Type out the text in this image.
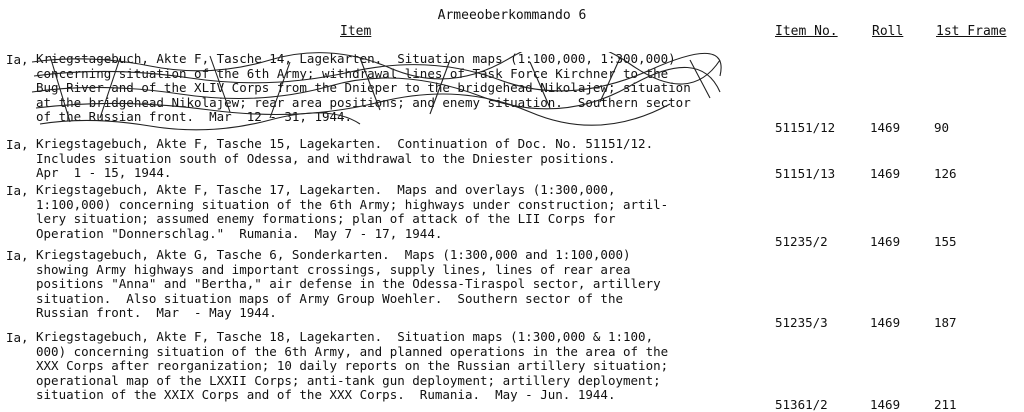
Armeeoberkommando 6
Item	Item No.	Roll	1st Frame
Ia, Kriegstagebuch, Akte F, Tasche 14, Lagekarten.  Situation maps (1:100,000, 1:300,000)
concerning situation of the 6th Army; withdrawal lines of Task Force Kirchner to the
Bug River and of the XLIV Corps from the Dnieper to the bridgehead Nikolajew; situation
at the bridgehead Nikolajew; rear area positions; and enemy situation.  Southern sector
of the Russian front.  Mar  12 - 31, 1944.
51151/12	1469	90
Ia, Kriegstagebuch, Akte F, Tasche 15, Lagekarten.  Continuation of Doc. No. 51151/12.
Includes situation south of Odessa, and withdrawal to the Dniester positions.
Apr  1 - 15, 1944.	51151/13	1469	126
Ia, Kriegstagebuch, Akte F, Tasche 17, Lagekarten.  Maps and overlays (1:300,000,
1:100,000) concerning situation of the 6th Army; highways under construction; artil-
lery situation; assumed enemy formations; plan of attack of the LII Corps for
Operation "Donnerschlag."  Rumania.  May 7 - 17, 1944.
51235/2	1469	155
Ia, Kriegstagebuch, Akte G, Tasche 6, Sonderkarten.  Maps (1:300,000 and 1:100,000)
showing Army highways and important crossings, supply lines, lines of rear area
positions "Anna" and "Bertha," air defense in the Odessa-Tiraspol sector, artillery
situation.  Also situation maps of Army Group Woehler.  Southern sector of the
Russian front.  Mar  - May 1944.
51235/3	1469	187
Ia, Kriegstagebuch, Akte F, Tasche 18, Lagekarten.  Situation maps (1:300,000 & 1:100,
000) concerning situation of the 6th Army, and planned operations in the area of the
XXX Corps after reorganization; 10 daily reports on the Russian artillery situation;
operational map of the LXXII Corps; anti-tank gun deployment; artillery deployment;
situation of the XXIX Corps and of the XXX Corps.  Rumania.  May - Jun. 1944.
51361/2	1469	211
